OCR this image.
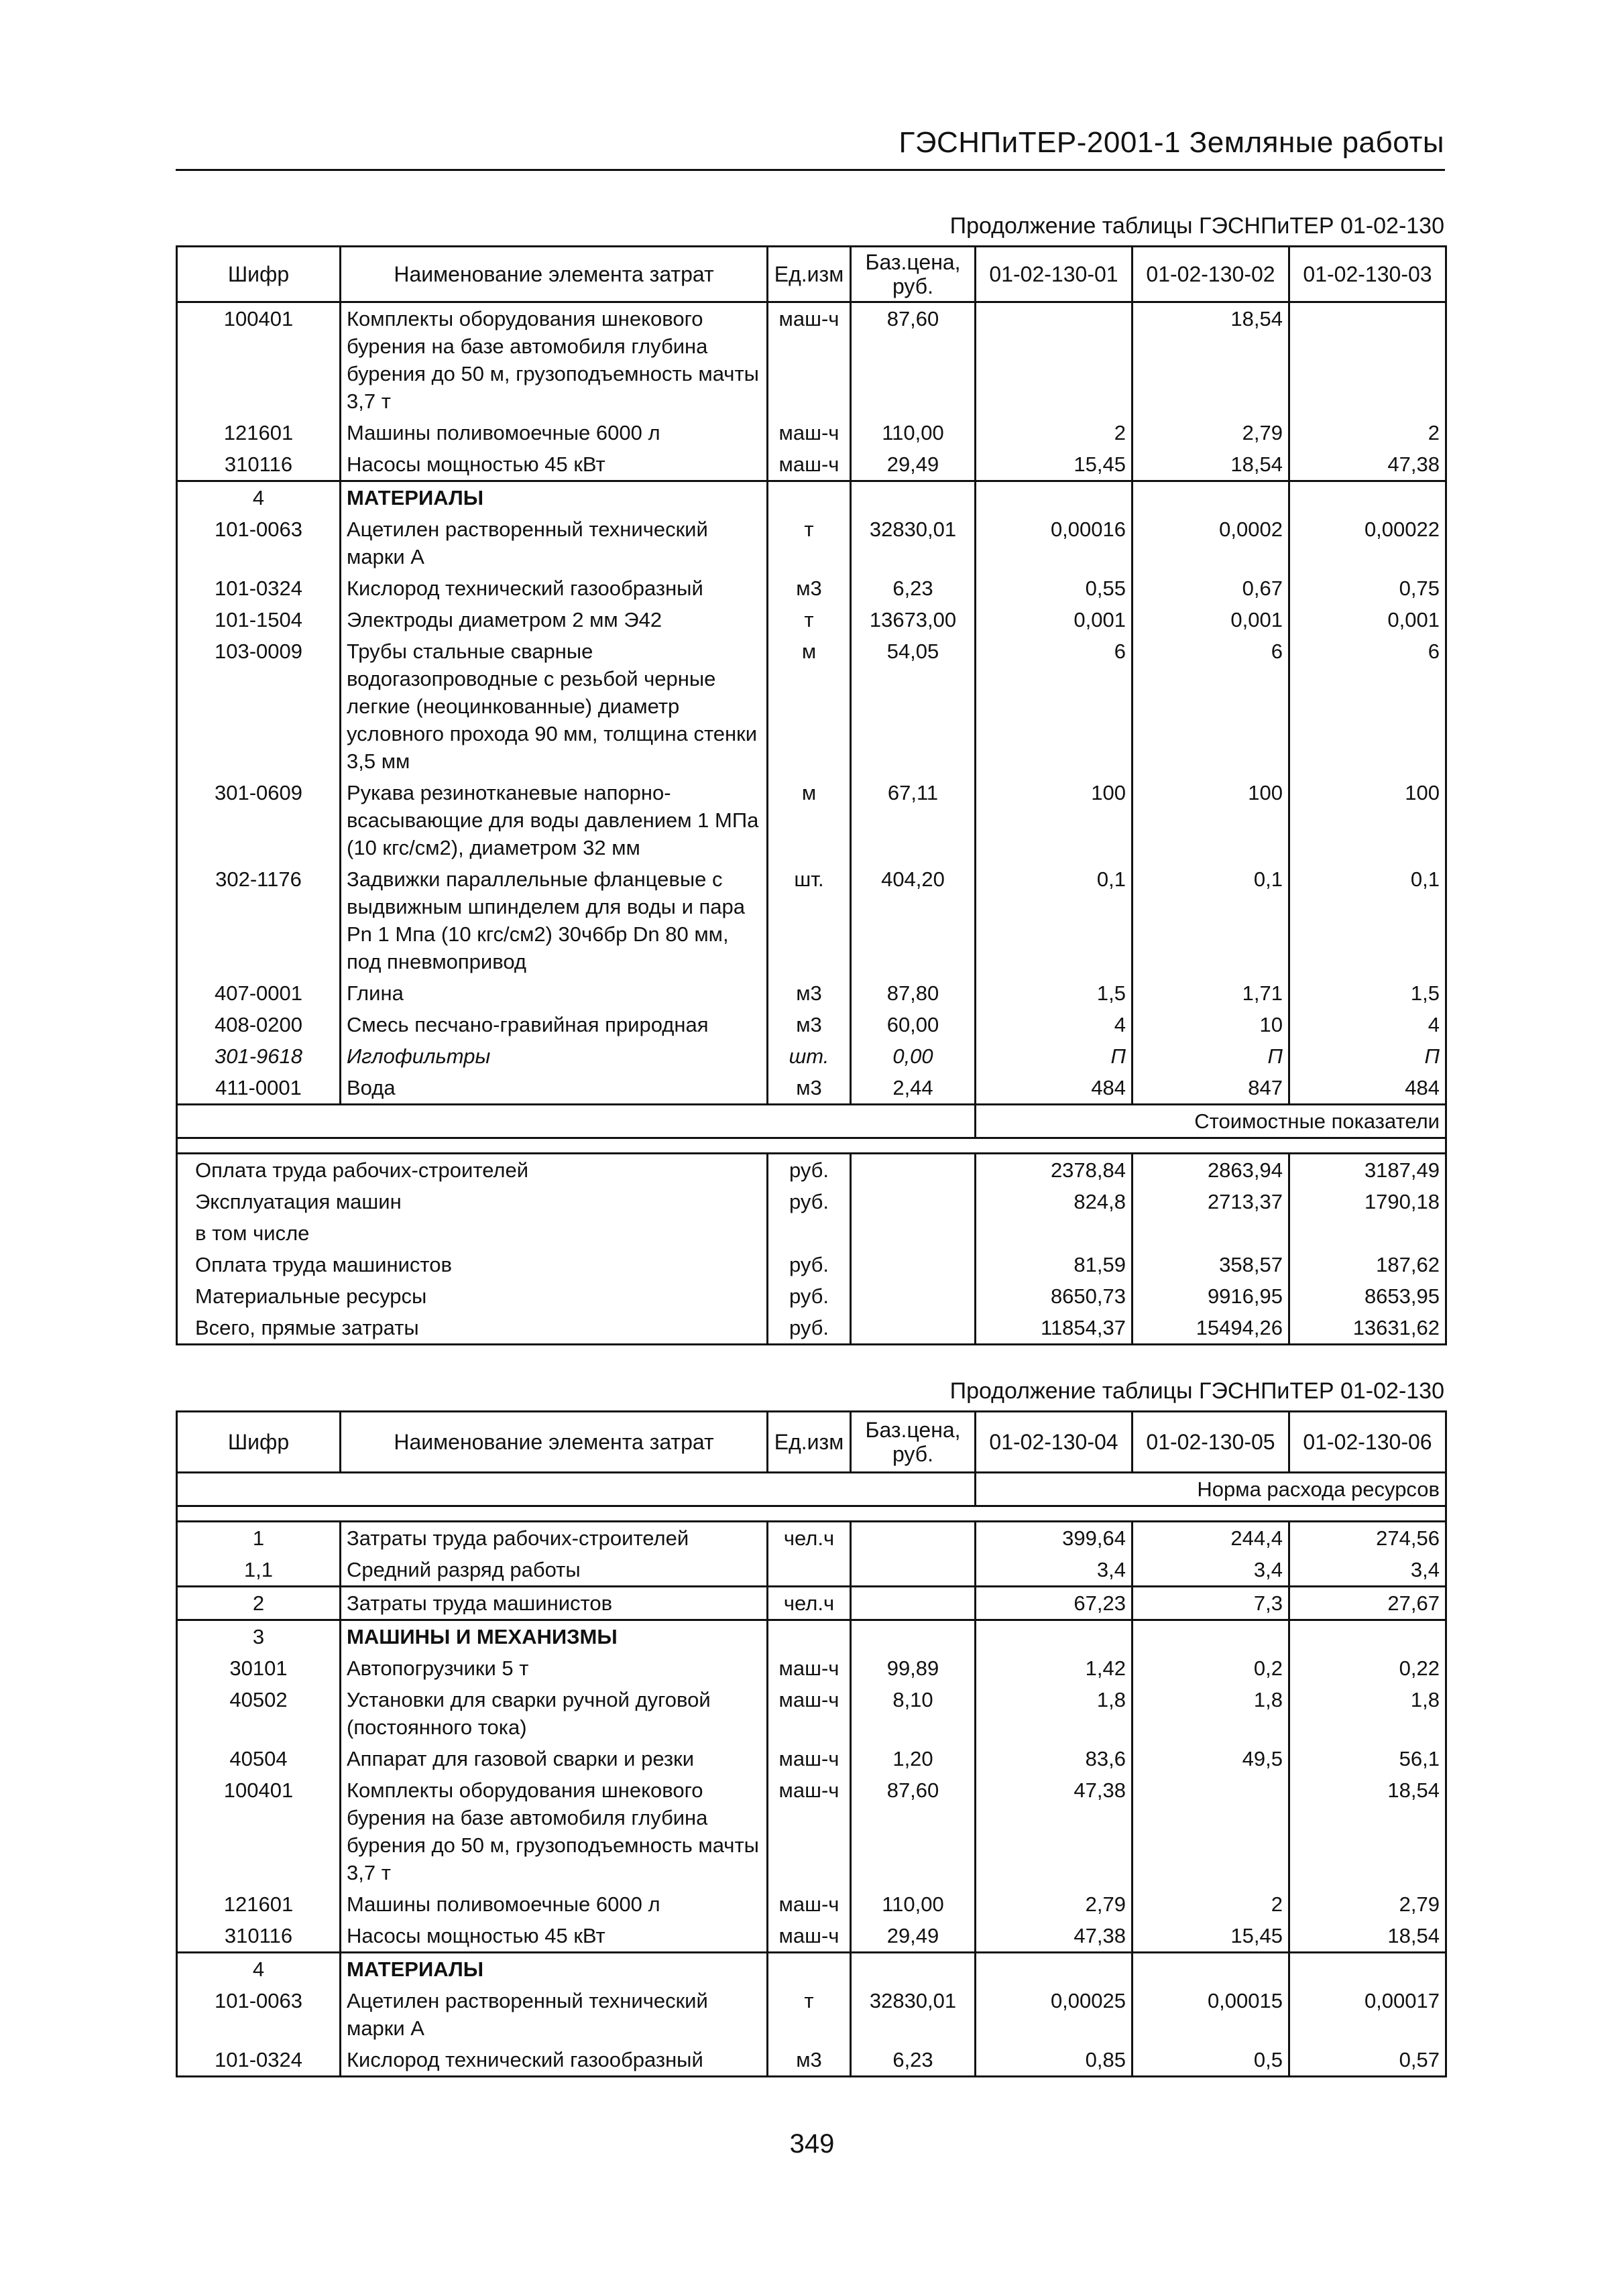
ГЭСНПиТЕР-2001-1 Земляные работы
Продолжение таблицы ГЭСНПиТЕР 01-02-130
Шифр	Наименование элемента затрат	Ед.изм	Баз.цена, руб.	01-02-130-01	01-02-130-02	01-02-130-03
100401	Комплекты оборудования шнекового бурения на базе автомобиля глубина бурения до 50 м, грузоподъемность мачты 3,7 т	маш-ч	87,60		18,54	
121601	Машины поливомоечные 6000 л	маш-ч	110,00	2	2,79	2
310116	Насосы мощностью 45 кВт	маш-ч	29,49	15,45	18,54	47,38
4	МАТЕРИАЛЫ					
101-0063	Ацетилен растворенный технический марки А	т	32830,01	0,00016	0,0002	0,00022
101-0324	Кислород технический газообразный	м3	6,23	0,55	0,67	0,75
101-1504	Электроды диаметром 2 мм Э42	т	13673,00	0,001	0,001	0,001
103-0009	Трубы стальные сварные водогазопроводные с резьбой черные легкие (неоцинкованные) диаметр условного прохода 90 мм, толщина стенки 3,5 мм	м	54,05	6	6	6
301-0609	Рукава резинотканевые напорно-всасывающие для воды давлением 1 МПа (10 кгс/см2), диаметром 32 мм	м	67,11	100	100	100
302-1176	Задвижки параллельные фланцевые с выдвижным шпинделем для воды и пара Pn 1 Мпа (10 кгс/см2) 30ч6бр Dn 80 мм, под пневмопривод	шт.	404,20	0,1	0,1	0,1
407-0001	Глина	м3	87,80	1,5	1,71	1,5
408-0200	Смесь песчано-гравийная природная	м3	60,00	4	10	4
301-9618	Иглофильтры	шт.	0,00	П	П	П
411-0001	Вода	м3	2,44	484	847	484
				Стоимостные показатели		

Оплата труда рабочих-строителей		руб.		2378,84	2863,94	3187,49
Эксплуатация машин		руб.		824,8	2713,37	1790,18
в том числе						
Оплата труда машинистов		руб.		81,59	358,57	187,62
Материальные ресурсы		руб.		8650,73	9916,95	8653,95
Всего, прямые затраты		руб.		11854,37	15494,26	13631,62
Продолжение таблицы ГЭСНПиТЕР 01-02-130
Шифр	Наименование элемента затрат	Ед.изм	Баз.цена, руб.	01-02-130-04	01-02-130-05	01-02-130-06
				Норма расхода ресурсов		

1	Затраты труда рабочих-строителей	чел.ч		399,64	244,4	274,56
1,1	Средний разряд работы			3,4	3,4	3,4
2	Затраты труда машинистов	чел.ч		67,23	7,3	27,67
3	МАШИНЫ И МЕХАНИЗМЫ					
30101	Автопогрузчики 5 т	маш-ч	99,89	1,42	0,2	0,22
40502	Установки для сварки ручной дуговой (постоянного тока)	маш-ч	8,10	1,8	1,8	1,8
40504	Аппарат для газовой сварки и резки	маш-ч	1,20	83,6	49,5	56,1
100401	Комплекты оборудования шнекового бурения на базе автомобиля глубина бурения до 50 м, грузоподъемность мачты 3,7 т	маш-ч	87,60	47,38		18,54
121601	Машины поливомоечные 6000 л	маш-ч	110,00	2,79	2	2,79
310116	Насосы мощностью 45 кВт	маш-ч	29,49	47,38	15,45	18,54
4	МАТЕРИАЛЫ					
101-0063	Ацетилен растворенный технический марки А	т	32830,01	0,00025	0,00015	0,00017
101-0324	Кислород технический газообразный	м3	6,23	0,85	0,5	0,57
349
